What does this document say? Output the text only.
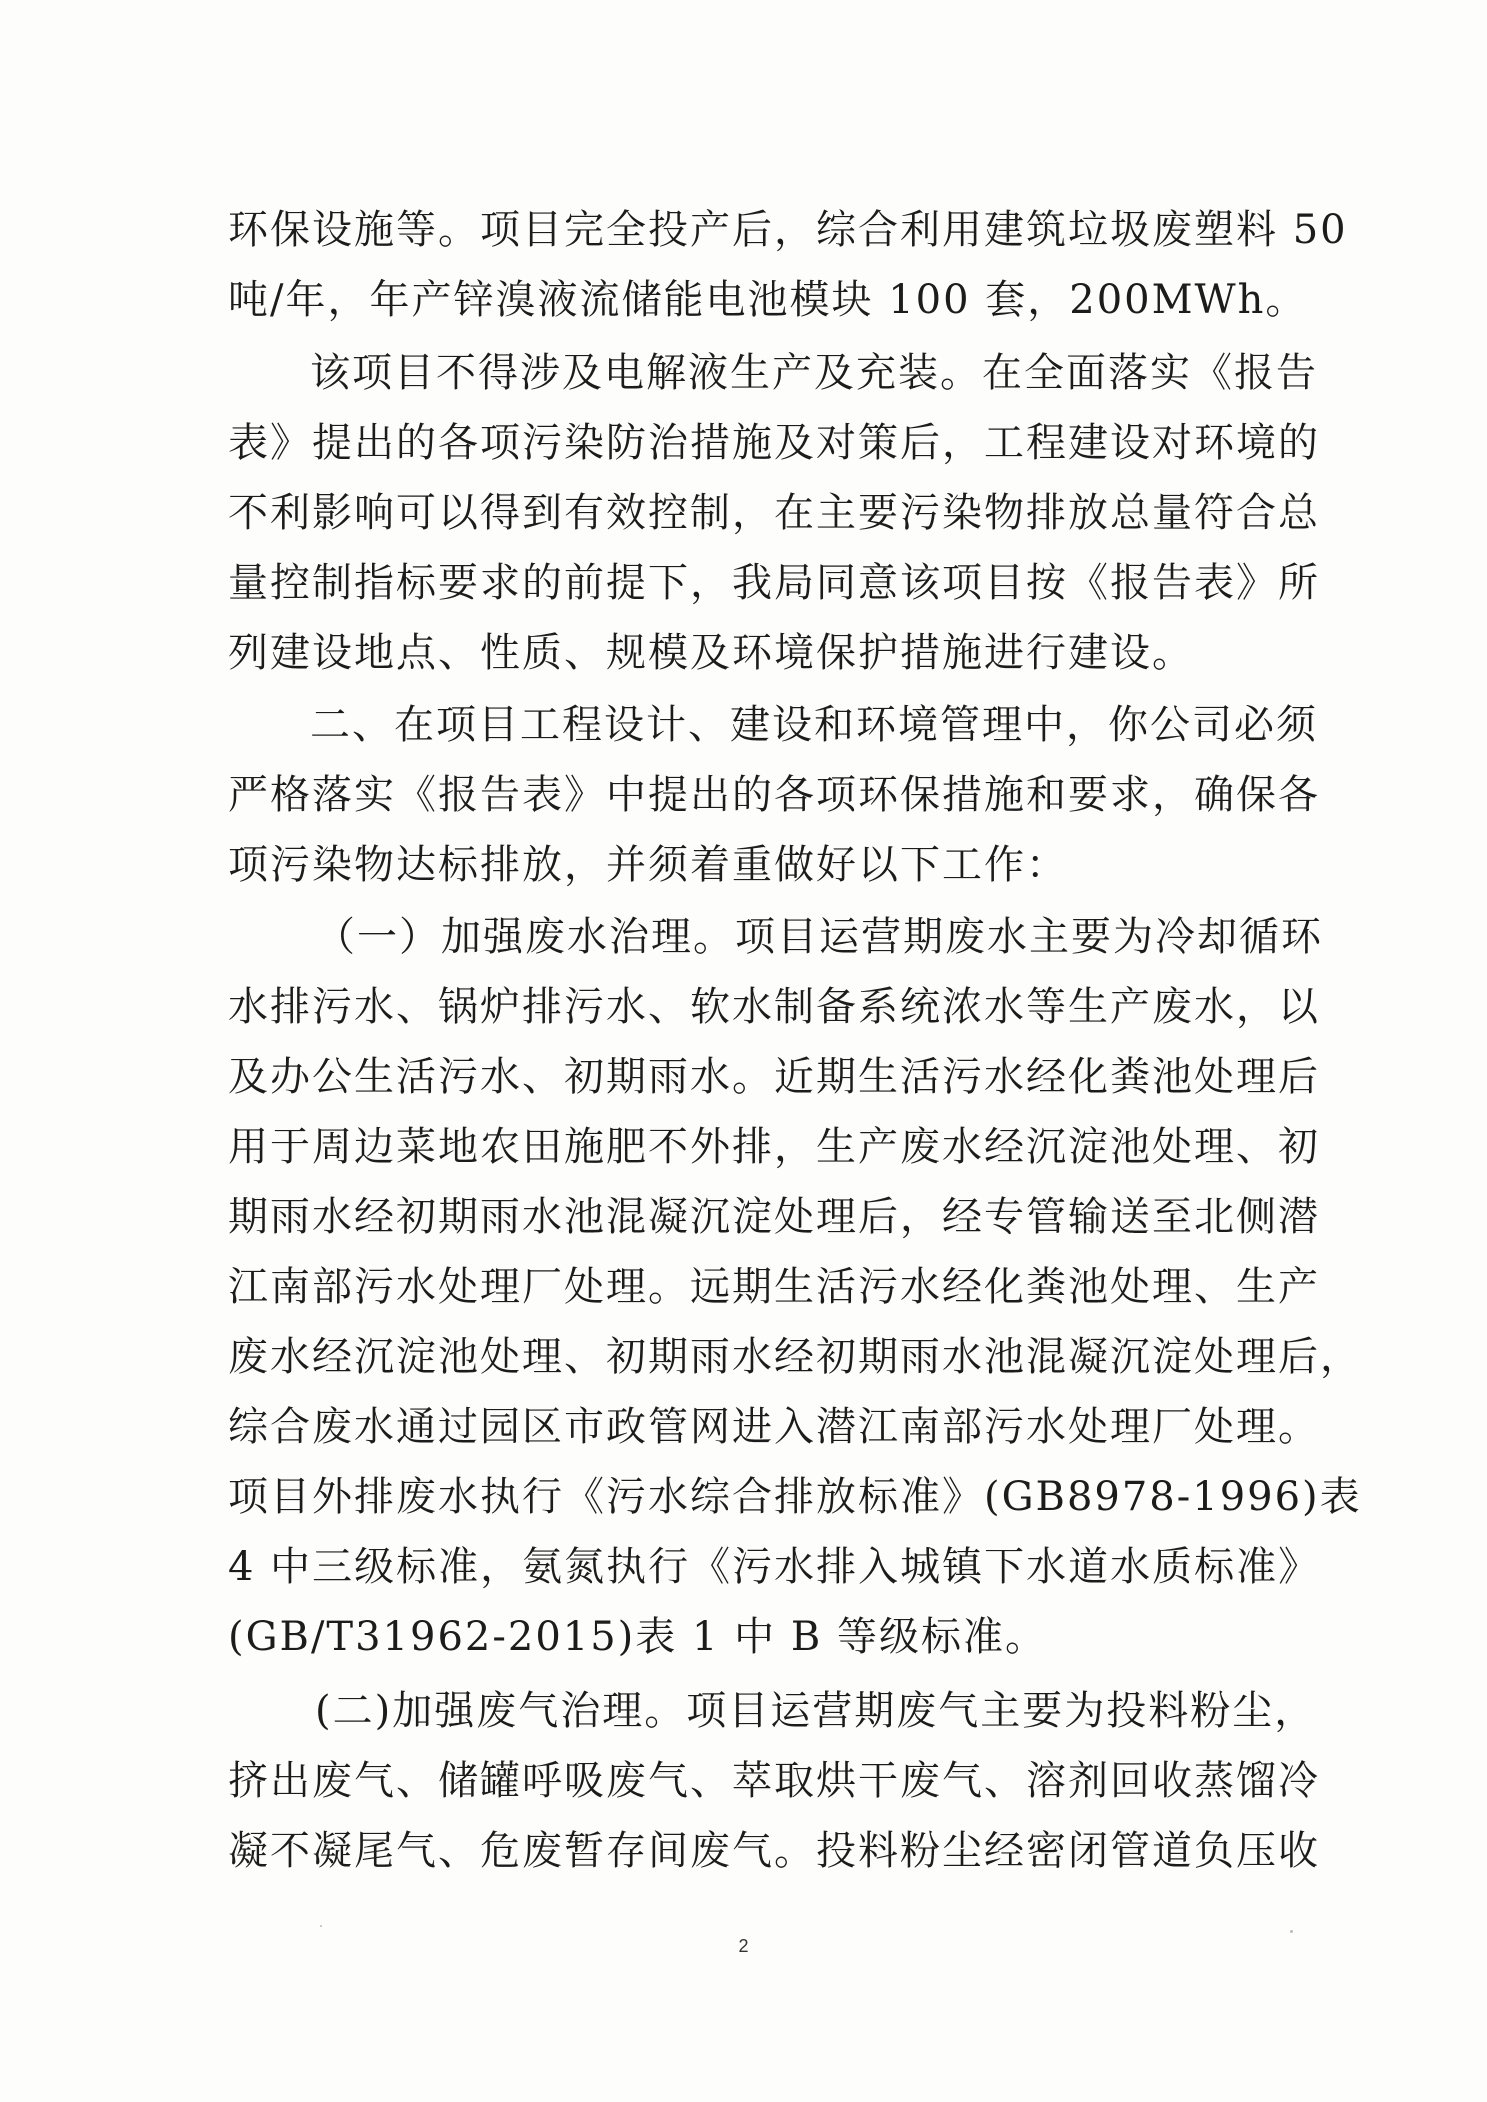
环保设施等。项目完全投产后，综合利用建筑垃圾废塑料 50
吨/年，年产锌溴液流储能电池模块 100 套，200MWh。
该项目不得涉及电解液生产及充装。在全面落实《报告
表》提出的各项污染防治措施及对策后，工程建设对环境的
不利影响可以得到有效控制，在主要污染物排放总量符合总
量控制指标要求的前提下，我局同意该项目按《报告表》所
列建设地点、性质、规模及环境保护措施进行建设。
二、在项目工程设计、建设和环境管理中，你公司必须
严格落实《报告表》中提出的各项环保措施和要求，确保各
项污染物达标排放，并须着重做好以下工作：
（一）加强废水治理。项目运营期废水主要为冷却循环
水排污水、锅炉排污水、软水制备系统浓水等生产废水，以
及办公生活污水、初期雨水。近期生活污水经化粪池处理后
用于周边菜地农田施肥不外排，生产废水经沉淀池处理、初
期雨水经初期雨水池混凝沉淀处理后，经专管输送至北侧潜
江南部污水处理厂处理。远期生活污水经化粪池处理、生产
废水经沉淀池处理、初期雨水经初期雨水池混凝沉淀处理后，
综合废水通过园区市政管网进入潜江南部污水处理厂处理。
项目外排废水执行《污水综合排放标准》(GB8978-1996)表
4 中三级标准，氨氮执行《污水排入城镇下水道水质标准》
(GB/T31962-2015)表 1 中 B 等级标准。
(二)加强废气治理。项目运营期废气主要为投料粉尘，
挤出废气、储罐呼吸废气、萃取烘干废气、溶剂回收蒸馏冷
凝不凝尾气、危废暂存间废气。投料粉尘经密闭管道负压收
2
